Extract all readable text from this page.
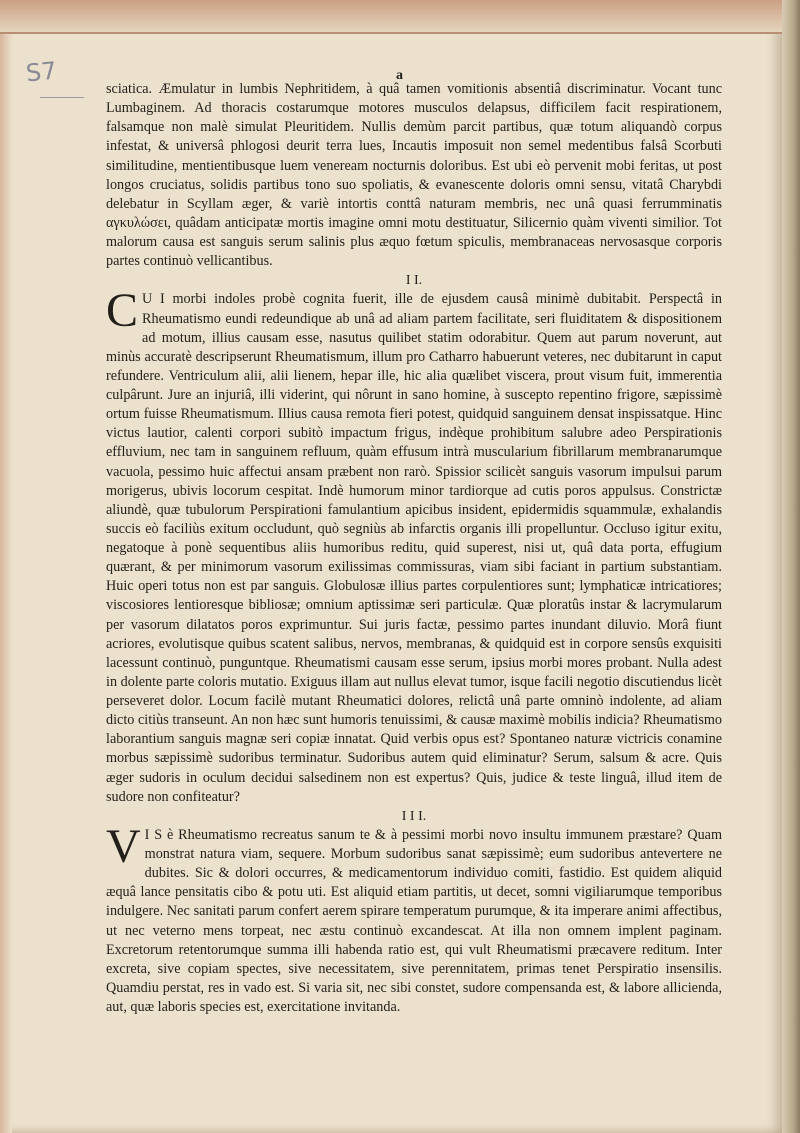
S7	a

sciatica. Æmulatur in lumbis Nephritidem, à quâ tamen vomitionis absentiâ discriminatur. Vocant tunc Lumbaginem. Ad thoracis costarumque motores musculos delapsus, difficilem facit respirationem, falsamque non malè simulat Pleuritidem. Nullis demùm parcit partibus, quæ totum aliquandò corpus infestat, & universâ phlogosi deurit terra lues, Incautis imposuit non semel medentibus falsâ Scorbuti similitudine, mentientibusque luem veneream nocturnis doloribus. Est ubi eò pervenit mobi feritas, ut post longos cruciatus, solidis partibus tono suo spoliatis, & evanescente doloris omni sensu, vitatâ Charybdi delebatur in Scyllam æger, & variè intortis conttâ naturam membris, nec unâ quasi ferrumminatis αγκυλώσει, quâdam anticipatæ mortis imagine omni motu destituatur, Silicernio quàm viventi similior. Tot malorum causa est sanguis serum salinis plus æquo fœtum spiculis, membranaceas nervosasque corporis partes continuò vellicantibus.

I I.

C U I morbi indoles probè cognita fuerit, ille de ejusdem causâ minimè dubitabit. Perspectâ in Rheumatismo eundi redeundique ab unâ ad aliam partem facilitate, seri fluiditatem & dispositionem ad motum, illius causam esse, nasutus quilibet statim odorabitur. Quem aut parum noverunt, aut minùs accuratè descripserunt Rheumatismum, illum pro Catharro habuerunt veteres, nec dubitarunt in caput refundere. Ventriculum alii, alii lienem, hepar ille, hic alia quælibet viscera, prout visum fuit, immerentia culpârunt. Jure an injuriâ, illi viderint, qui nôrunt in sano homine, à suscepto repentino frigore, sæpissimè ortum fuisse Rheumatismum. Illius causa remota fieri potest, quidquid sanguinem densat inspissatque. Hinc victus lautior, calenti corpori subitò impactum frigus, indèque prohibitum salubre adeo Perspirationis effluvium, nec tam in sanguinem refluum, quàm effusum intrà muscularium fibrillarum membranarumque vacuola, pessimo huic affectui ansam præbent non rarò. Spissior scilicèt sanguis vasorum impulsui parum morigerus, ubivis locorum cespitat. Indè humorum minor tardiorque ad cutis poros appulsus. Constrictæ aliundè, quæ tubulorum Perspirationi famulantium apicibus insident, epidermidis squammulæ, exhalandis succis eò faciliùs exitum occludunt, quò segniùs ab infarctis organis illi propelluntur. Occluso igitur exitu, negatoque à ponè sequentibus aliis humoribus reditu, quid superest, nisi ut, quâ data porta, effugium quærant, & per minimorum vasorum exilissimas commissuras, viam sibi faciant in partium substantiam. Huic operi totus non est par sanguis. Globulosæ illius partes corpulentiores sunt; lymphaticæ intricatiores; viscosiores lentioresque bibliosæ; omnium aptissimæ seri particulæ. Quæ ploratûs instar & lacrymularum per vasorum dilatatos poros exprimuntur. Sui juris factæ, pessimo partes inundant diluvio. Morâ fiunt acriores, evolutisque quibus scatent salibus, nervos, membranas, & quidquid est in corpore sensûs exquisiti lacessunt continuò, punguntque. Rheumatismi causam esse serum, ipsius morbi mores probant. Nulla adest in dolente parte coloris mutatio. Exiguus illam aut nullus elevat tumor, isque facili negotio discutiendus licèt perseveret dolor. Locum facilè mutant Rheumatici dolores, relictâ unâ parte omninò indolente, ad aliam dicto citiùs transeunt. An non hæc sunt humoris tenuissimi, & causæ maximè mobilis indicia? Rheumatismo laborantium sanguis magnæ seri copiæ innatat. Quid verbis opus est? Spontaneo naturæ victricis conamine morbus sæpissimè sudoribus terminatur. Sudoribus autem quid eliminatur? Serum, salsum & acre. Quis æger sudoris in oculum decidui salsedinem non est expertus? Quis, judice & teste linguâ, illud item de sudore non confiteatur?

I I I.

V I S è Rheumatismo recreatus sanum te & à pessimi morbi novo insultu immunem præstare? Quam monstrat natura viam, sequere. Morbum sudoribus sanat sæpissimè; eum sudoribus antevertere ne dubites. Sic & dolori occurres, & medicamentorum individuo comiti, fastidio. Est quidem aliquid æquâ lance pensitatis cibo & potu uti. Est aliquid etiam partitis, ut decet, somni vigiliarumque temporibus indulgere. Nec sanitati parum confert aerem spirare temperatum purumque, & ita imperare animi affectibus, ut nec veterno mens torpeat, nec æstu continuò excandescat. At illa non omnem implent paginam. Excretorum retentorumque summa illi habenda ratio est, qui vult Rheumatismi præcavere reditum. Inter excreta, sive copiam spectes, sive necessitatem, sive perennitatem, primas tenet Perspiratio insensilis. Quamdiu perstat, res in vado est. Si varia sit, nec sibi constet, sudore compensanda est, & labore allicienda, aut, quæ laboris species est, exercitatione invitanda.
